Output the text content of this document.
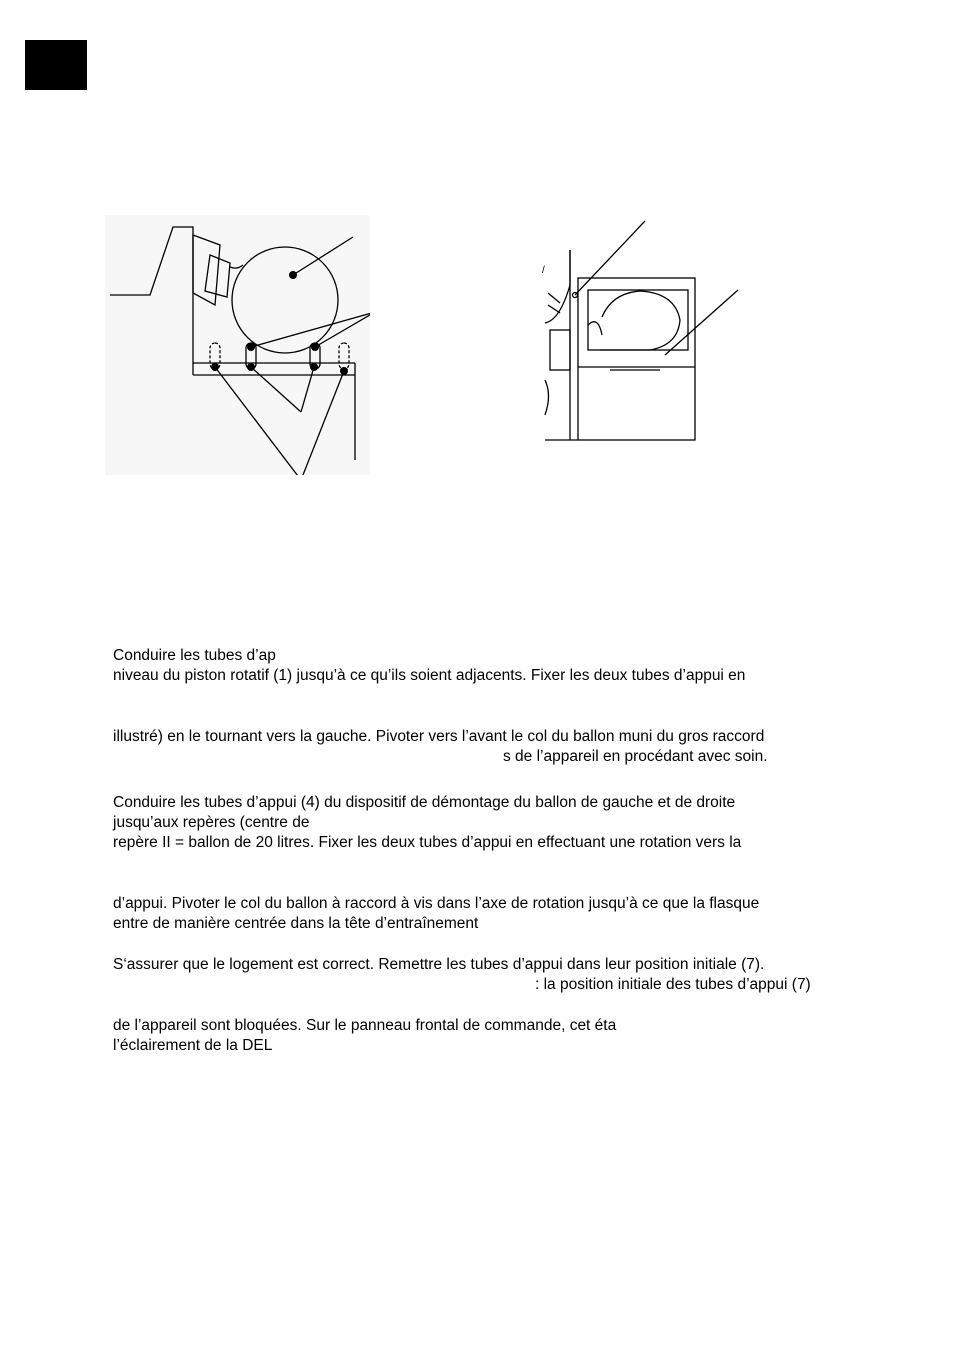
/

Conduire les tubes d’ap

niveau du piston rotatif (1) jusqu’à ce qu’ils soient adjacents. Fixer les deux tubes d’appui en

illustré) en le tournant vers la gauche. Pivoter vers l’avant le col du ballon muni du gros raccord

s de l’appareil en procédant avec soin.

Conduire les tubes d’appui (4) du dispositif de démontage du ballon de gauche et de droite

jusqu’aux repères (centre de

repère II = ballon de 20 litres. Fixer les deux tubes d’appui en effectuant une rotation vers la

d’appui. Pivoter le col du ballon à raccord à vis dans l’axe de rotation jusqu’à ce que la flasque

entre de manière centrée dans la tête d’entraînement

S‘assurer que le logement est correct. Remettre les tubes d’appui dans leur position initiale (7).

: la position initiale des tubes d’appui (7)

de l’appareil sont bloquées. Sur le panneau frontal de commande, cet éta

l’éclairement de la DEL
